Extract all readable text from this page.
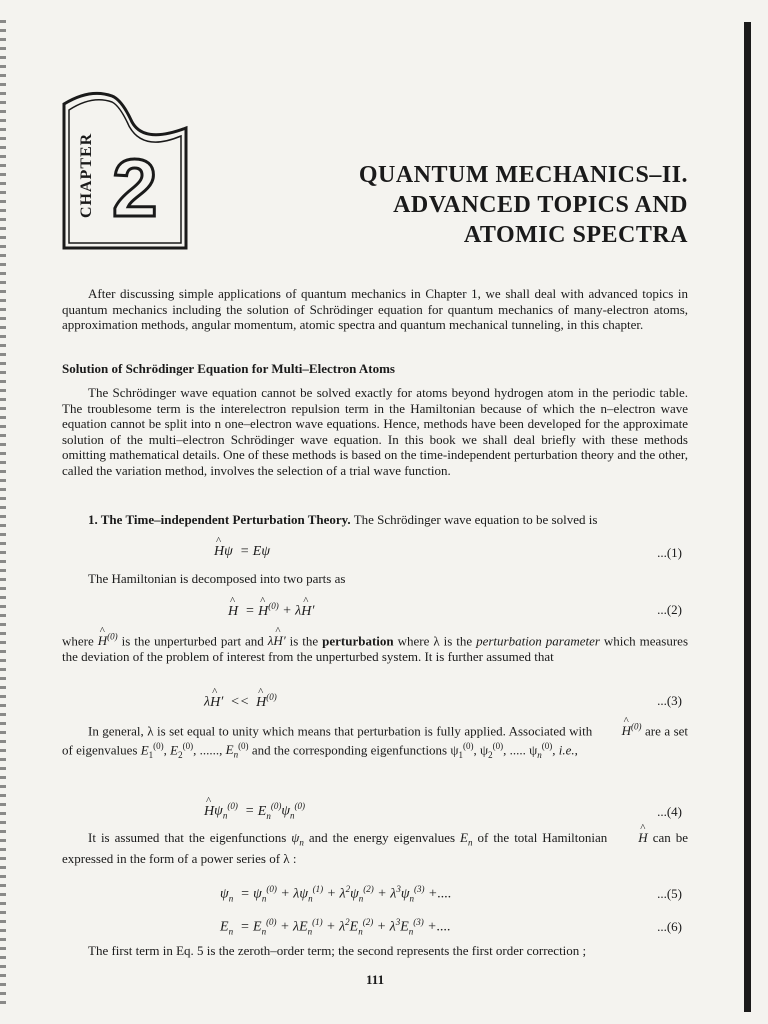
CHAPTER 2	QUANTUM MECHANICS–II.
ADVANCED TOPICS AND
ATOMIC SPECTRA
After discussing simple applications of quantum mechanics in Chapter 1, we shall deal with advanced topics in quantum mechanics including the solution of Schrödinger equation for quantum mechanics of many-electron atoms, approximation methods, angular momentum, atomic spectra and quantum mechanical tunneling, in this chapter.
Solution of Schrödinger Equation for Multi–Electron Atoms
The Schrödinger wave equation cannot be solved exactly for atoms beyond hydrogen atom in the periodic table. The troublesome term is the interelectron repulsion term in the Hamiltonian because of which the n–electron wave equation cannot be split into n one–electron wave equations. Hence, methods have been developed for the approximate solution of the multi–electron Schrödinger wave equation. In this book we shall deal briefly with these methods omitting mathematical details. One of these methods is based on the time-independent perturbation theory and the other, called the variation method, involves the selection of a trial wave function.
1. The Time–independent Perturbation Theory. The Schrödinger wave equation to be solved is
^ Hψ  = Eψ	...(1)
The Hamiltonian is decomposed into two parts as
^ H  = ^ $H^{(0)}$ + λ^ H′	...(2)
where ^ $H^{(0)}$ is the unperturbed part and λ^ H′ is the perturbation where λ is the perturbation parameter which measures the deviation of the problem of interest from the unperturbed system. It is further assumed that
λ^ H′  <<  ^ $H^{(0)}$	...(3)
In general, λ is set equal to unity which means that perturbation is fully applied. Associated with ^ $H^{(0)}$ are a set of eigenvalues $E_1^{(0)}$, $E_2^{(0)}$, ......, $E_n^{(0)}$ and the corresponding eigenfunctions $\psi_1^{(0)}$, $\psi_2^{(0)}$, ..... $\psi_n^{(0)}$, i.e.,
^ $H\psi_n^{(0)} = E_n^{(0)}\psi_n^{(0)}$	...(4)
It is assumed that the eigenfunctions $\psi_n$ and the energy eigenvalues $E_n$ of the total Hamiltonian ^ H can be expressed in the form of a power series of λ :
$\psi_n = \psi_n^{(0)} + \lambda\psi_n^{(1)} + \lambda^2\psi_n^{(2)} + \lambda^3\psi_n^{(3)}$ +....	...(5)
$E_n = E_n^{(0)} + \lambda E_n^{(1)} + \lambda^2E_n^{(2)} + \lambda^3E_n^{(3)}$ +....	...(6)
The first term in Eq. 5 is the zeroth–order term; the second represents the first order correction ;
111
